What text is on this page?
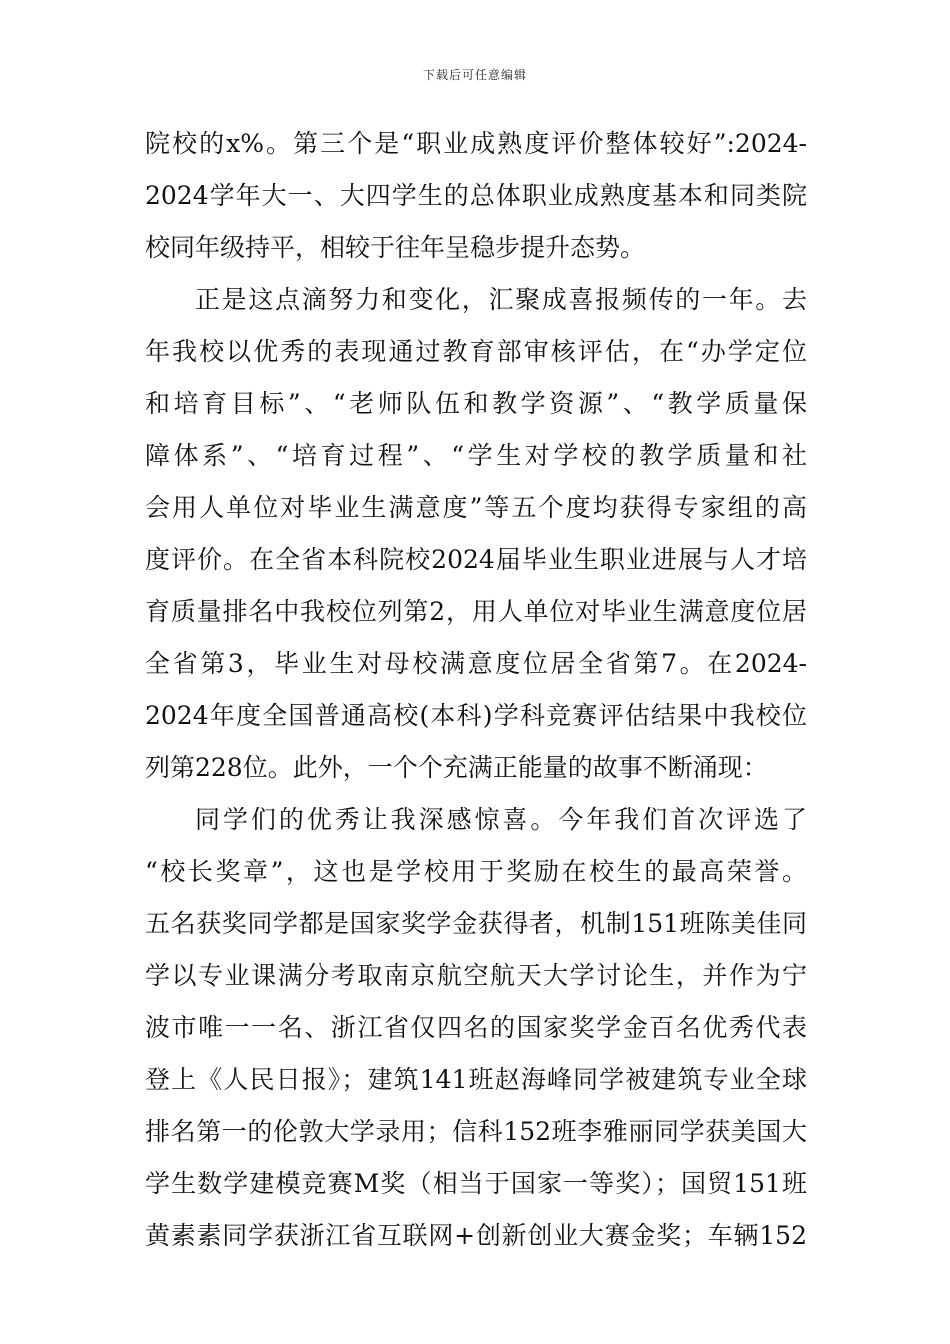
下载后可任意编辑
院校的x%。第三个是“职业成熟度评价整体较好”:2024-
2024学年大一、大四学生的总体职业成熟度基本和同类院
校同年级持平，相较于往年呈稳步提升态势。
正是这点滴努力和变化，汇聚成喜报频传的一年。去
年我校以优秀的表现通过教育部审核评估，在“办学定位
和培育目标”、“老师队伍和教学资源”、“教学质量保
障体系”、“培育过程”、“学生对学校的教学质量和社
会用人单位对毕业生满意度”等五个度均获得专家组的高
度评价。在全省本科院校2024届毕业生职业进展与人才培
育质量排名中我校位列第2，用人单位对毕业生满意度位居
全省第3，毕业生对母校满意度位居全省第7。在2024-
2024年度全国普通高校(本科)学科竞赛评估结果中我校位
列第228位。此外，一个个充满正能量的故事不断涌现：
同学们的优秀让我深感惊喜。今年我们首次评选了
“校长奖章”，这也是学校用于奖励在校生的最高荣誉。
五名获奖同学都是国家奖学金获得者，机制151班陈美佳同
学以专业课满分考取南京航空航天大学讨论生，并作为宁
波市唯一一名、浙江省仅四名的国家奖学金百名优秀代表
登上《人民日报》；建筑141班赵海峰同学被建筑专业全球
排名第一的伦敦大学录用；信科152班李雅丽同学获美国大
学生数学建模竞赛M奖（相当于国家一等奖）；国贸151班
黄素素同学获浙江省互联网+创新创业大赛金奖；车辆152
